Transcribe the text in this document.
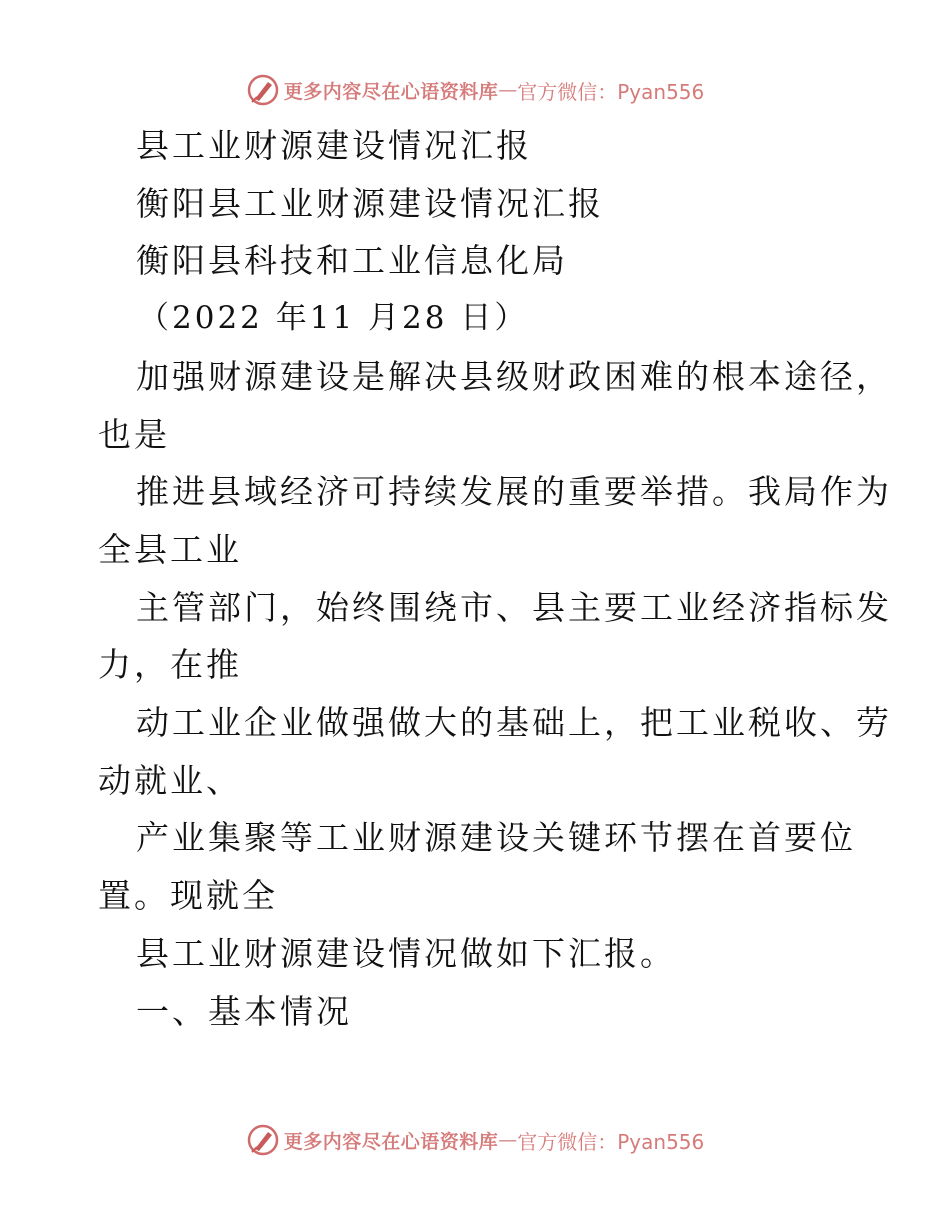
更多内容尽在心语资料库 — 官方微信：Pyan556

县工业财源建设情况汇报

衡阳县工业财源建设情况汇报

衡阳县科技和工业信息化局

（2022 年11 月28 日）

加强财源建设是解决县级财政困难的根本途径，

也是

推进县域经济可持续发展的重要举措。我局作为

全县工业

主管部门，始终围绕市、县主要工业经济指标发

力，在推

动工业企业做强做大的基础上，把工业税收、劳

动就业、

产业集聚等工业财源建设关键环节摆在首要位

置。现就全

县工业财源建设情况做如下汇报。

一、基本情况

更多内容尽在心语资料库 — 官方微信：Pyan556
